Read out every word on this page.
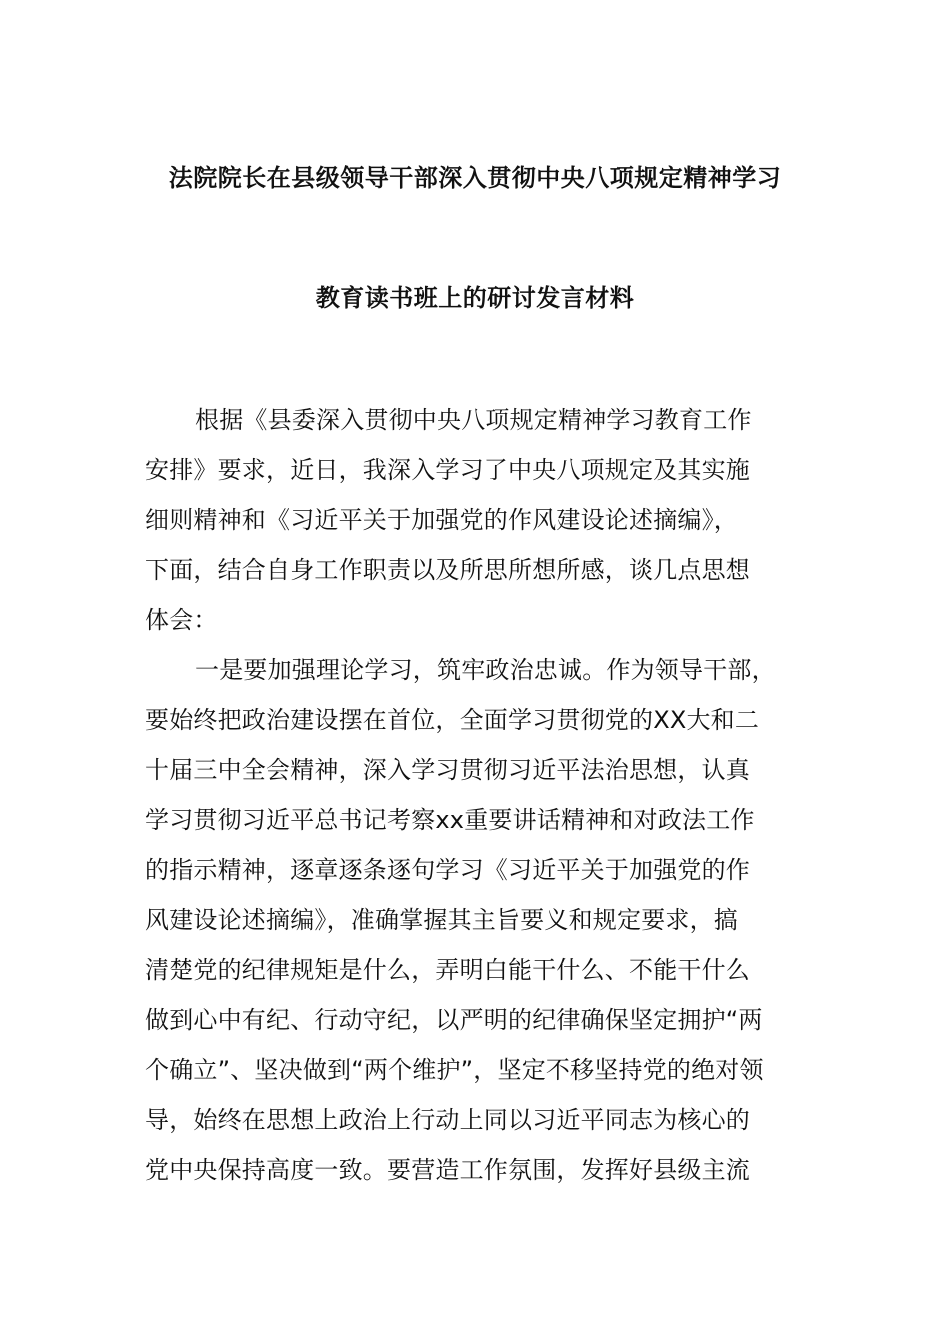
法院院长在县级领导干部深入贯彻中央八项规定精神学习
教育读书班上的研讨发言材料
根据《县委深入贯彻中央八项规定精神学习教育工作
安排》要求，近日，我深入学习了中央八项规定及其实施
细则精神和《习近平关于加强党的作风建设论述摘编》，
下面，结合自身工作职责以及所思所想所感，谈几点思想
体会：
一是要加强理论学习，筑牢政治忠诚。作为领导干部，
要始终把政治建设摆在首位，全面学习贯彻党的XX大和二
十届三中全会精神，深入学习贯彻习近平法治思想，认真
学习贯彻习近平总书记考察xx重要讲话精神和对政法工作
的指示精神，逐章逐条逐句学习《习近平关于加强党的作
风建设论述摘编》，准确掌握其主旨要义和规定要求，搞
清楚党的纪律规矩是什么，弄明白能干什么、不能干什么
做到心中有纪、行动守纪，以严明的纪律确保坚定拥护“两
个确立”、坚决做到“两个维护”，坚定不移坚持党的绝对领
导，始终在思想上政治上行动上同以习近平同志为核心的
党中央保持高度一致。要营造工作氛围，发挥好县级主流
